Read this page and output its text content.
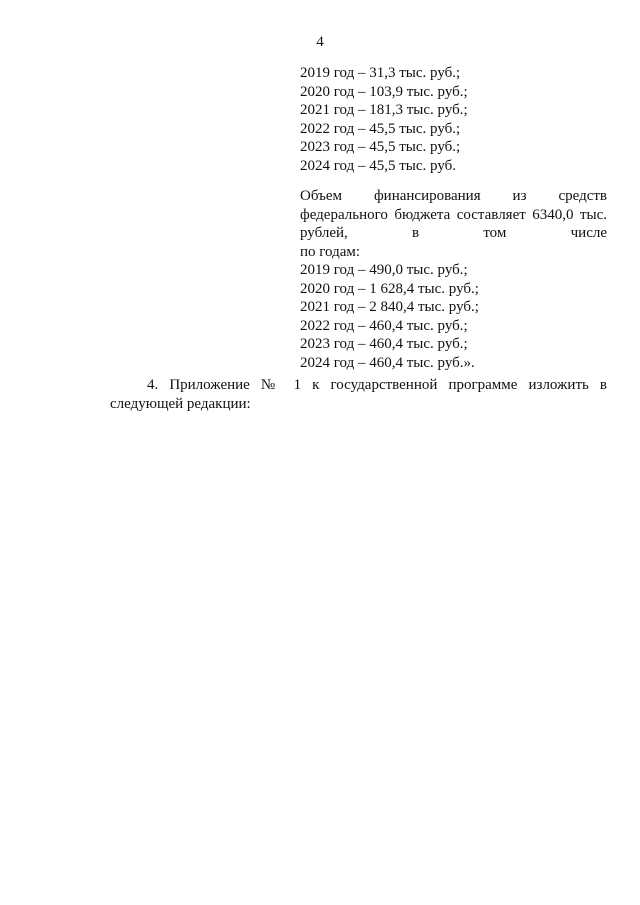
4
2019 год – 31,3 тыс. руб.;
2020 год – 103,9 тыс. руб.;
2021 год – 181,3 тыс. руб.;
2022 год – 45,5 тыс. руб.;
2023 год – 45,5 тыс. руб.;
2024 год – 45,5 тыс. руб.
Объем финансирования из средств
федерального бюджета составляет 6340,0 тыс.
рублей, в том числе
по годам:
2019 год – 490,0 тыс. руб.;
2020 год – 1 628,4 тыс. руб.;
2021 год – 2 840,4 тыс. руб.;
2022 год – 460,4 тыс. руб.;
2023 год – 460,4 тыс. руб.;
2024 год – 460,4 тыс. руб.».
4. Приложение № 1 к государственной программе изложить в
следующей редакции:
